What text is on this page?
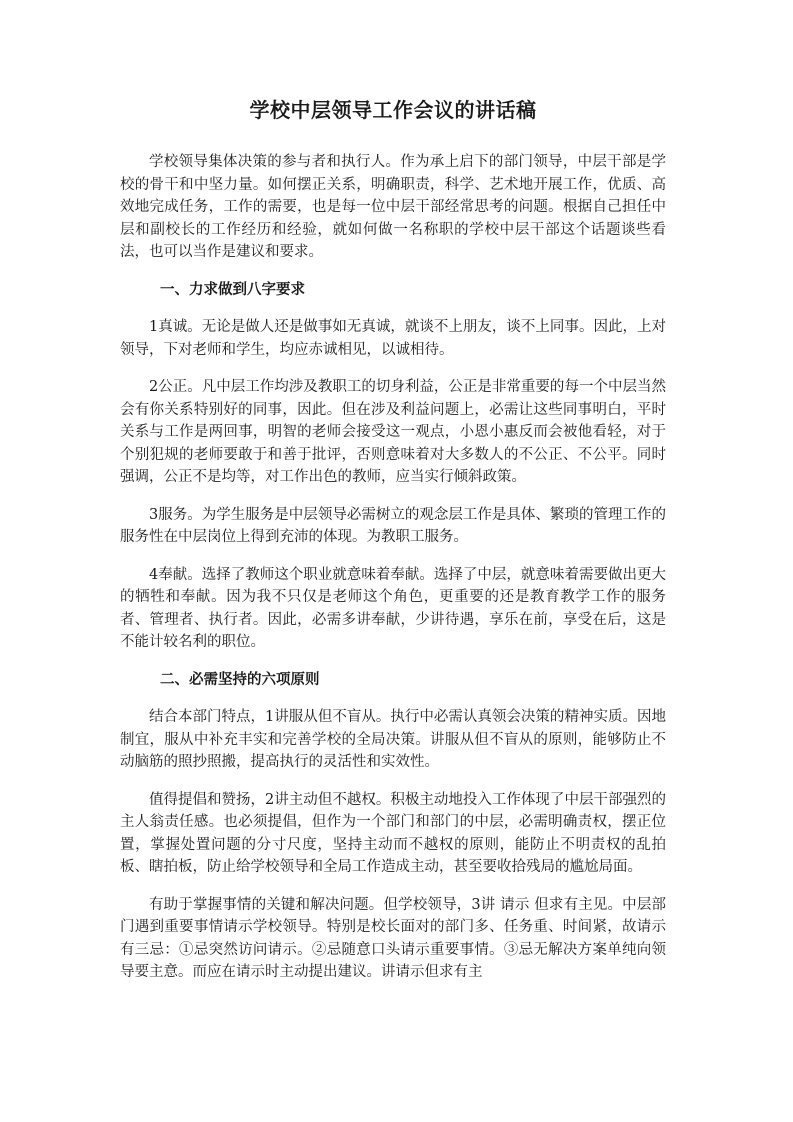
学校中层领导工作会议的讲话稿

学校领导集体决策的参与者和执行人。作为承上启下的部门领导，中层干部是学校的骨干和中坚力量。如何摆正关系，明确职责，科学、艺术地开展工作，优质、高效地完成任务，工作的需要，也是每一位中层干部经常思考的问题。根据自己担任中层和副校长的工作经历和经验，就如何做一名称职的学校中层干部这个话题谈些看法，也可以当作是建议和要求。

一、力求做到八字要求

1真诚。无论是做人还是做事如无真诚，就谈不上朋友，谈不上同事。因此，上对领导，下对老师和学生，均应赤诚相见，以诚相待。

2公正。凡中层工作均涉及教职工的切身利益，公正是非常重要的每一个中层当然会有你关系特别好的同事，因此。但在涉及利益问题上，必需让这些同事明白，平时关系与工作是两回事，明智的老师会接受这一观点，小恩小惠反而会被他看轻，对于个别犯规的老师要敢于和善于批评，否则意味着对大多数人的不公正、不公平。同时强调，公正不是均等，对工作出色的教师，应当实行倾斜政策。

3服务。为学生服务是中层领导必需树立的观念层工作是具体、繁琐的管理工作的服务性在中层岗位上得到充沛的体现。为教职工服务。

4奉献。选择了教师这个职业就意味着奉献。选择了中层，就意味着需要做出更大的牺牲和奉献。因为我不只仅是老师这个角色，更重要的还是教育教学工作的服务者、管理者、执行者。因此，必需多讲奉献，少讲待遇，享乐在前，享受在后，这是不能计较名利的职位。

二、必需坚持的六项原则

结合本部门特点，1讲服从但不盲从。执行中必需认真领会决策的精神实质。因地制宜，服从中补充丰实和完善学校的全局决策。讲服从但不盲从的原则，能够防止不动脑筋的照抄照搬，提高执行的灵活性和实效性。

值得提倡和赞扬，2讲主动但不越权。积极主动地投入工作体现了中层干部强烈的主人翁责任感。也必须提倡，但作为一个部门和部门的中层，必需明确责权，摆正位置，掌握处置问题的分寸尺度，坚持主动而不越权的原则，能防止不明责权的乱拍板、瞎拍板，防止给学校领导和全局工作造成主动，甚至要收拾残局的尴尬局面。

有助于掌握事情的关键和解决问题。但学校领导，3讲 请示 但求有主见。中层部门遇到重要事情请示学校领导。特别是校长面对的部门多、任务重、时间紧，故请示有三忌：①忌突然访问请示。②忌随意口头请示重要事情。③忌无解决方案单纯向领导要主意。而应在请示时主动提出建议。讲请示但求有主
